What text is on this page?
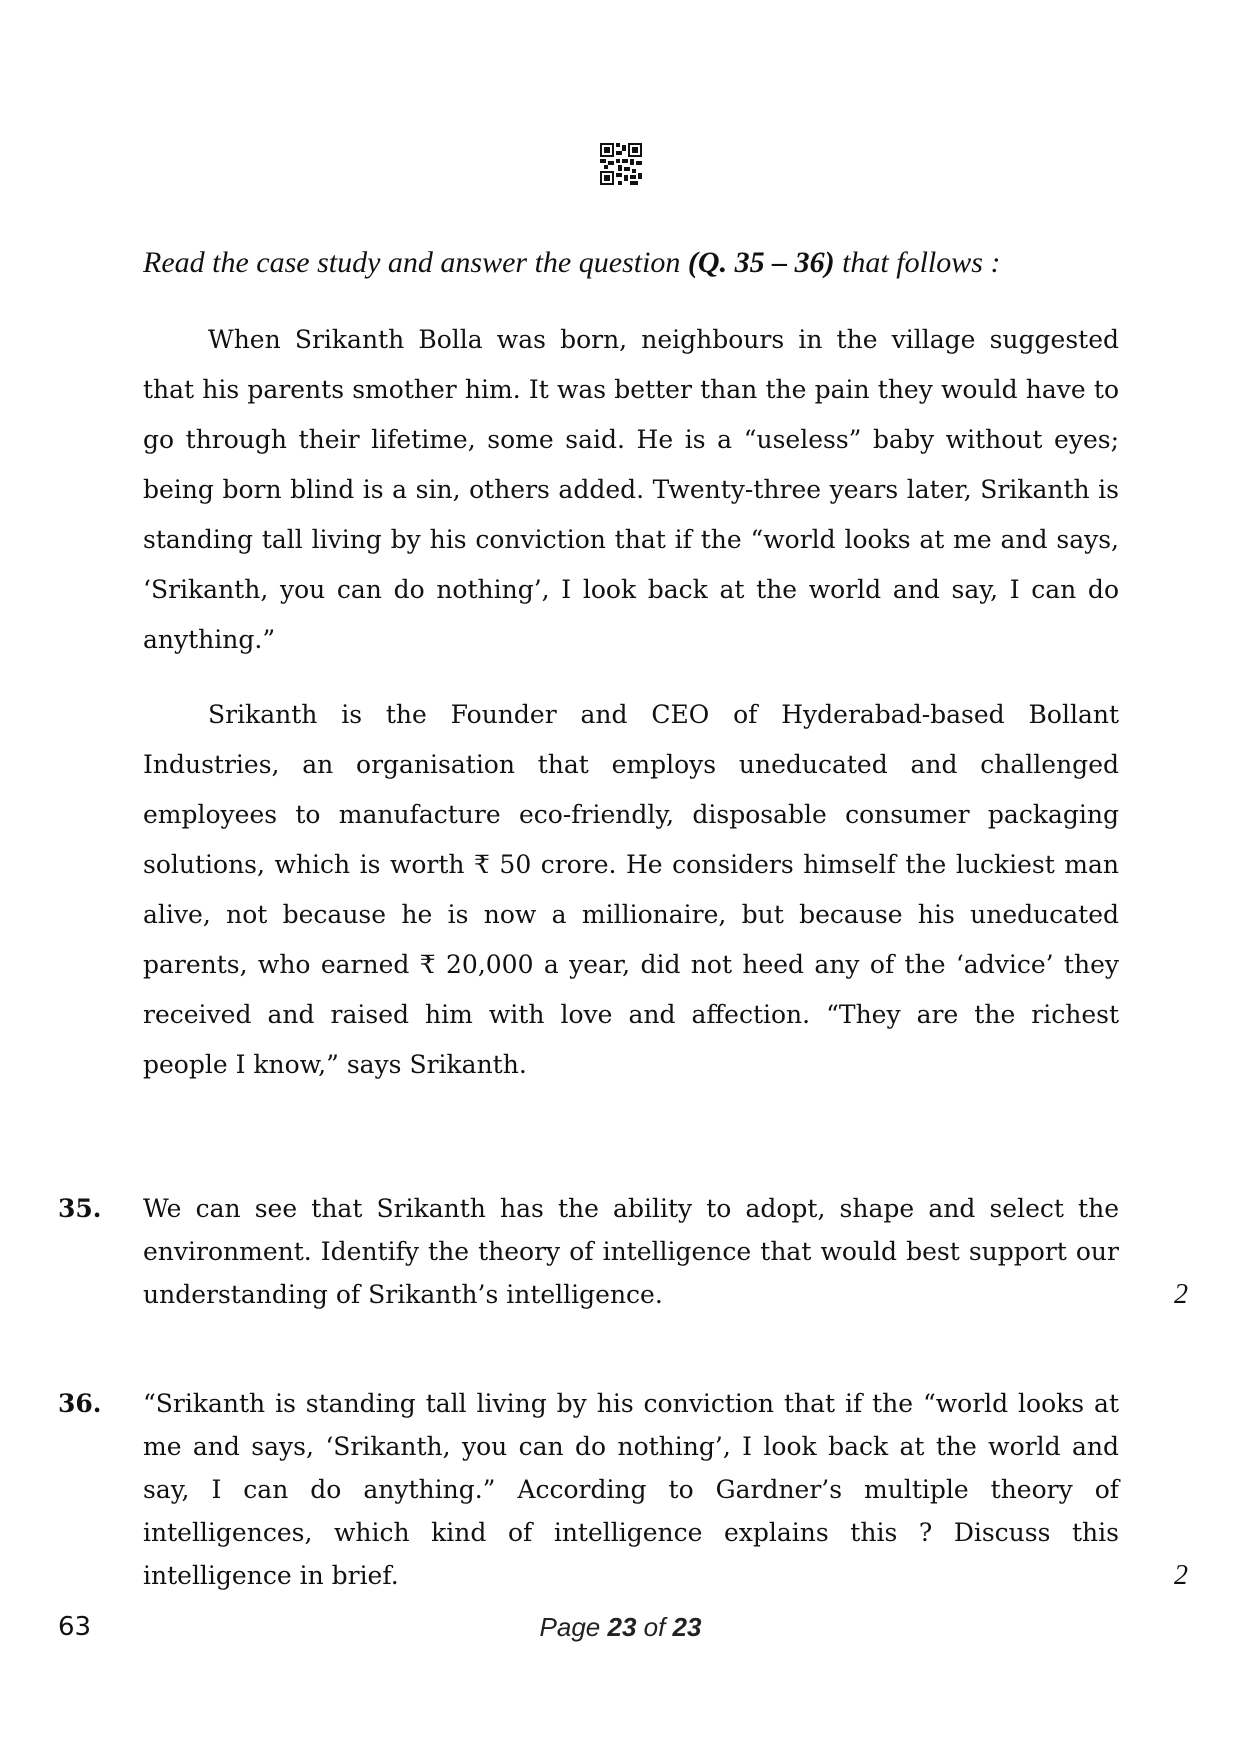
Read the case study and answer the question (Q. 35 – 36) that follows :

When Srikanth Bolla was born, neighbours in the village suggested that his parents smother him. It was better than the pain they would have to go through their lifetime, some said. He is a “useless” baby without eyes; being born blind is a sin, others added. Twenty-three years later, Srikanth is standing tall living by his conviction that if the “world looks at me and says, ‘Srikanth, you can do nothing’, I look back at the world and say, I can do anything.”

Srikanth is the Founder and CEO of Hyderabad-based Bollant Industries, an organisation that employs uneducated and challenged employees to manufacture eco-friendly, disposable consumer packaging solutions, which is worth ₹ 50 crore. He considers himself the luckiest man alive, not because he is now a millionaire, but because his uneducated parents, who earned ₹ 20,000 a year, did not heed any of the ‘advice’ they received and raised him with love and affection. “They are the richest people I know,” says Srikanth.

35. We can see that Srikanth has the ability to adopt, shape and select the environment. Identify the theory of intelligence that would best support our understanding of Srikanth’s intelligence.	2
36. “Srikanth is standing tall living by his conviction that if the “world looks at me and says, ‘Srikanth, you can do nothing’, I look back at the world and say, I can do anything.” According to Gardner’s multiple theory of intelligences, which kind of intelligence explains this ? Discuss this intelligence in brief.	2
63	Page 23 of 23
